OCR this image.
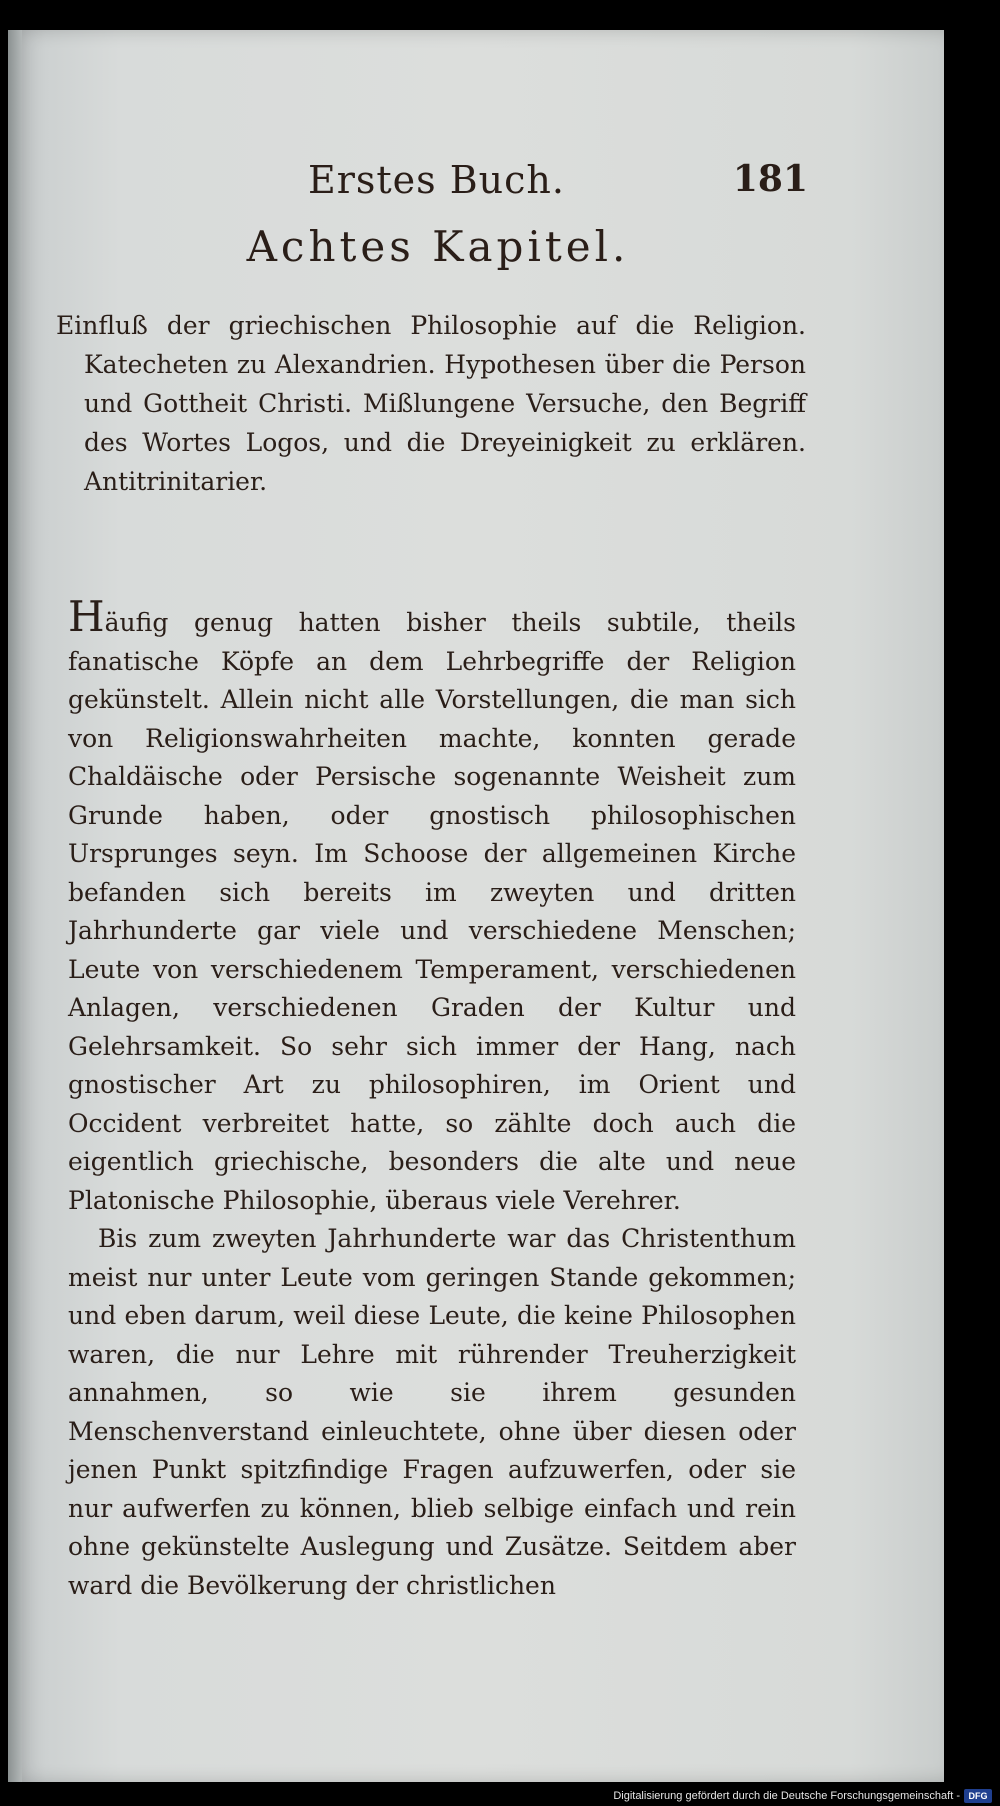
Erstes Buch.	181
Achtes Kapitel.
Einfluß der griechischen Philosophie auf die Religion. Katecheten zu Alexandrien. Hypothesen über die Person und Gottheit Christi. Mißlungene Versuche, den Begriff des Wortes Logos, und die Dreyeinigkeit zu erklären. Antitrinitarier.

Häufig genug hatten bisher theils subtile, theils fanatische Köpfe an dem Lehrbegriffe der Religion gekünstelt. Allein nicht alle Vorstellungen, die man sich von Religionswahrheiten machte, konnten gerade Chaldäische oder Persische sogenannte Weisheit zum Grunde haben, oder gnostisch philosophischen Ursprunges seyn. Im Schoose der allgemeinen Kirche befanden sich bereits im zweyten und dritten Jahrhunderte gar viele und verschiedene Menschen; Leute von verschiedenem Temperament, verschiedenen Anlagen, verschiedenen Graden der Kultur und Gelehrsamkeit. So sehr sich immer der Hang, nach gnostischer Art zu philosophiren, im Orient und Occident verbreitet hatte, so zählte doch auch die eigentlich griechische, besonders die alte und neue Platonische Philosophie, überaus viele Verehrer.

Bis zum zweyten Jahrhunderte war das Christenthum meist nur unter Leute vom geringen Stande gekommen; und eben darum, weil diese Leute, die keine Philosophen waren, die nur Lehre mit rührender Treuherzigkeit annahmen, so wie sie ihrem gesunden Menschenverstand einleuchtete, ohne über diesen oder jenen Punkt spitzfindige Fragen aufzuwerfen, oder sie nur aufwerfen zu können, blieb selbige einfach und rein ohne gekünstelte Auslegung und Zusätze. Seitdem aber ward die Bevölkerung der christlichen

Digitalisierung gefördert durch die Deutsche Forschungsgemeinschaft - DFG
